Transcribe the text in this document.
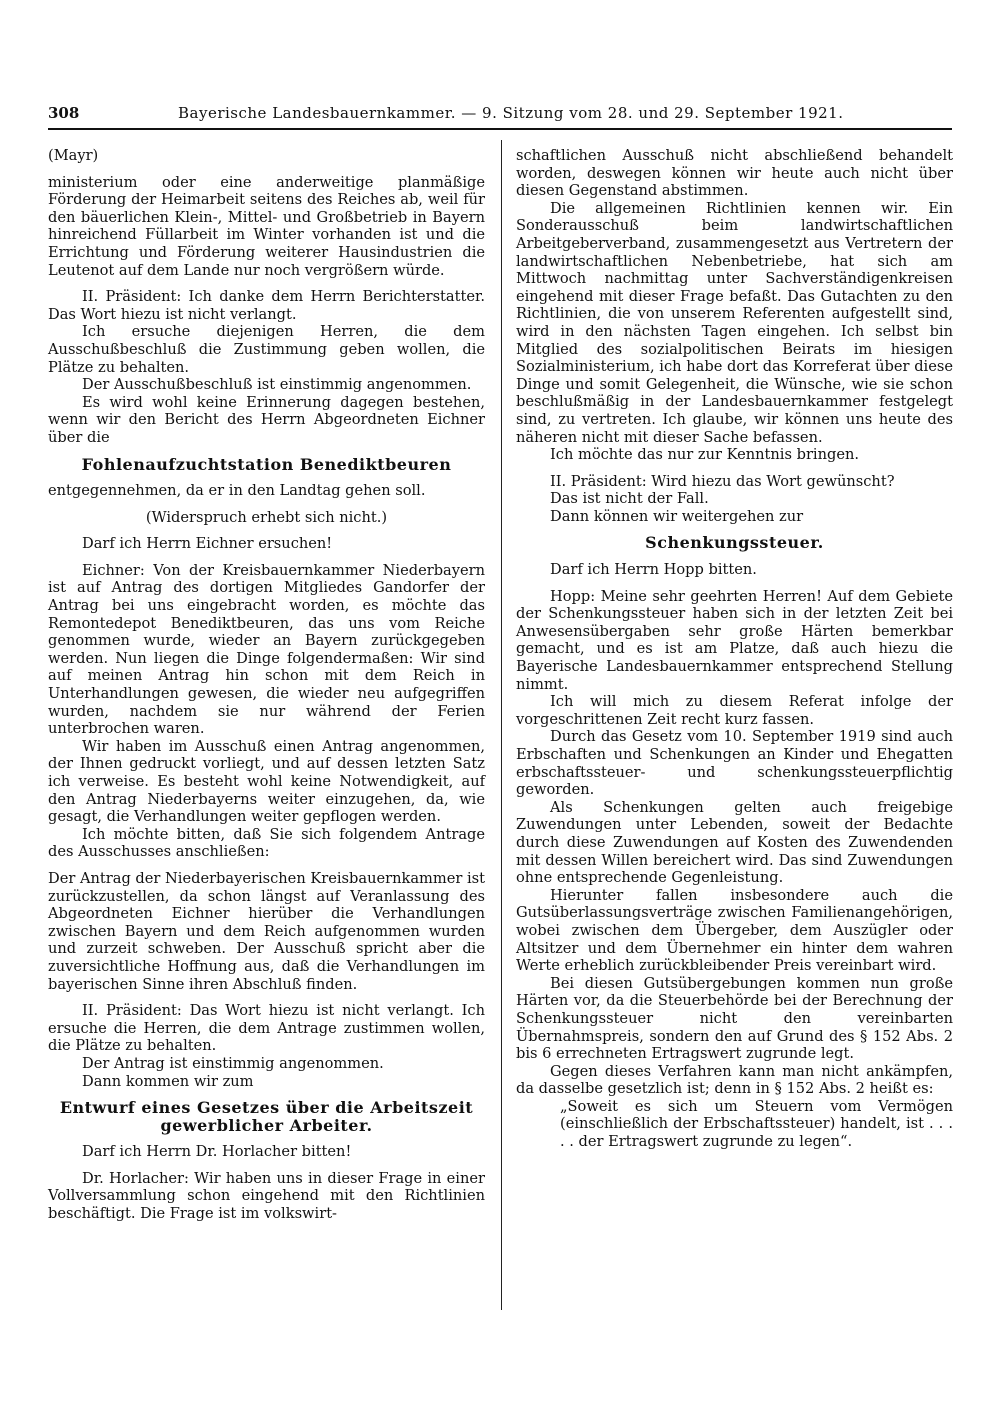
308	Bayerische Landesbauernkammer. — 9. Sitzung vom 28. und 29. September 1921.

(Mayr)

ministerium oder eine anderweitige planmäßige Förderung der Heimarbeit seitens des Reiches ab, weil für den bäuerlichen Klein-, Mittel- und Großbetrieb in Bayern hinreichend Füllarbeit im Winter vorhanden ist und die Errichtung und Förderung weiterer Hausindustrien die Leutenot auf dem Lande nur noch vergrößern würde.

II. Präsident: Ich danke dem Herrn Berichterstatter. Das Wort hiezu ist nicht verlangt.

Ich ersuche diejenigen Herren, die dem Ausschußbeschluß die Zustimmung geben wollen, die Plätze zu behalten.

Der Ausschußbeschluß ist einstimmig angenommen.

Es wird wohl keine Erinnerung dagegen bestehen, wenn wir den Bericht des Herrn Abgeordneten Eichner über die

Fohlenaufzuchtstation Benediktbeuren

entgegennehmen, da er in den Landtag gehen soll.

(Widerspruch erhebt sich nicht.)

Darf ich Herrn Eichner ersuchen!

Eichner: Von der Kreisbauernkammer Niederbayern ist auf Antrag des dortigen Mitgliedes Gandorfer der Antrag bei uns eingebracht worden, es möchte das Remontedepot Benediktbeuren, das uns vom Reiche genommen wurde, wieder an Bayern zurückgegeben werden. Nun liegen die Dinge folgendermaßen: Wir sind auf meinen Antrag hin schon mit dem Reich in Unterhandlungen gewesen, die wieder neu aufgegriffen wurden, nachdem sie nur während der Ferien unterbrochen waren.

Wir haben im Ausschuß einen Antrag angenommen, der Ihnen gedruckt vorliegt, und auf dessen letzten Satz ich verweise. Es besteht wohl keine Notwendigkeit, auf den Antrag Niederbayerns weiter einzugehen, da, wie gesagt, die Verhandlungen weiter gepflogen werden.

Ich möchte bitten, daß Sie sich folgendem Antrage des Ausschusses anschließen:

Der Antrag der Niederbayerischen Kreisbauernkammer ist zurückzustellen, da schon längst auf Veranlassung des Abgeordneten Eichner hierüber die Verhandlungen zwischen Bayern und dem Reich aufgenommen wurden und zurzeit schweben. Der Ausschuß spricht aber die zuversichtliche Hoffnung aus, daß die Verhandlungen im bayerischen Sinne ihren Abschluß finden.

II. Präsident: Das Wort hiezu ist nicht verlangt. Ich ersuche die Herren, die dem Antrage zustimmen wollen, die Plätze zu behalten.

Der Antrag ist einstimmig angenommen.

Dann kommen wir zum

Entwurf eines Gesetzes über die Arbeitszeit gewerblicher Arbeiter.

Darf ich Herrn Dr. Horlacher bitten!

Dr. Horlacher: Wir haben uns in dieser Frage in einer Vollversammlung schon eingehend mit den Richtlinien beschäftigt. Die Frage ist im volkswirt-

schaftlichen Ausschuß nicht abschließend behandelt worden, deswegen können wir heute auch nicht über diesen Gegenstand abstimmen.

Die allgemeinen Richtlinien kennen wir. Ein Sonderausschuß beim landwirtschaftlichen Arbeitgeberverband, zusammengesetzt aus Vertretern der landwirtschaftlichen Nebenbetriebe, hat sich am Mittwoch nachmittag unter Sachverständigenkreisen eingehend mit dieser Frage befaßt. Das Gutachten zu den Richtlinien, die von unserem Referenten aufgestellt sind, wird in den nächsten Tagen eingehen. Ich selbst bin Mitglied des sozialpolitischen Beirats im hiesigen Sozialministerium, ich habe dort das Korreferat über diese Dinge und somit Gelegenheit, die Wünsche, wie sie schon beschlußmäßig in der Landesbauernkammer festgelegt sind, zu vertreten. Ich glaube, wir können uns heute des näheren nicht mit dieser Sache befassen.

Ich möchte das nur zur Kenntnis bringen.

II. Präsident: Wird hiezu das Wort gewünscht?

Das ist nicht der Fall.

Dann können wir weitergehen zur

Schenkungssteuer.

Darf ich Herrn Hopp bitten.

Hopp: Meine sehr geehrten Herren! Auf dem Gebiete der Schenkungssteuer haben sich in der letzten Zeit bei Anwesensübergaben sehr große Härten bemerkbar gemacht, und es ist am Platze, daß auch hiezu die Bayerische Landesbauernkammer entsprechend Stellung nimmt.

Ich will mich zu diesem Referat infolge der vorgeschrittenen Zeit recht kurz fassen.

Durch das Gesetz vom 10. September 1919 sind auch Erbschaften und Schenkungen an Kinder und Ehegatten erbschaftssteuer- und schenkungssteuerpflichtig geworden.

Als Schenkungen gelten auch freigebige Zuwendungen unter Lebenden, soweit der Bedachte durch diese Zuwendungen auf Kosten des Zuwendenden mit dessen Willen bereichert wird. Das sind Zuwendungen ohne entsprechende Gegenleistung.

Hierunter fallen insbesondere auch die Gutsüberlassungsverträge zwischen Familienangehörigen, wobei zwischen dem Übergeber, dem Auszügler oder Altsitzer und dem Übernehmer ein hinter dem wahren Werte erheblich zurückbleibender Preis vereinbart wird.

Bei diesen Gutsübergebungen kommen nun große Härten vor, da die Steuerbehörde bei der Berechnung der Schenkungssteuer nicht den vereinbarten Übernahmspreis, sondern den auf Grund des § 152 Abs. 2 bis 6 errechneten Ertragswert zugrunde legt.

Gegen dieses Verfahren kann man nicht ankämpfen, da dasselbe gesetzlich ist; denn in § 152 Abs. 2 heißt es:

„Soweit es sich um Steuern vom Vermögen (einschließlich der Erbschaftssteuer) handelt, ist . . . . . der Ertragswert zugrunde zu legen“.
